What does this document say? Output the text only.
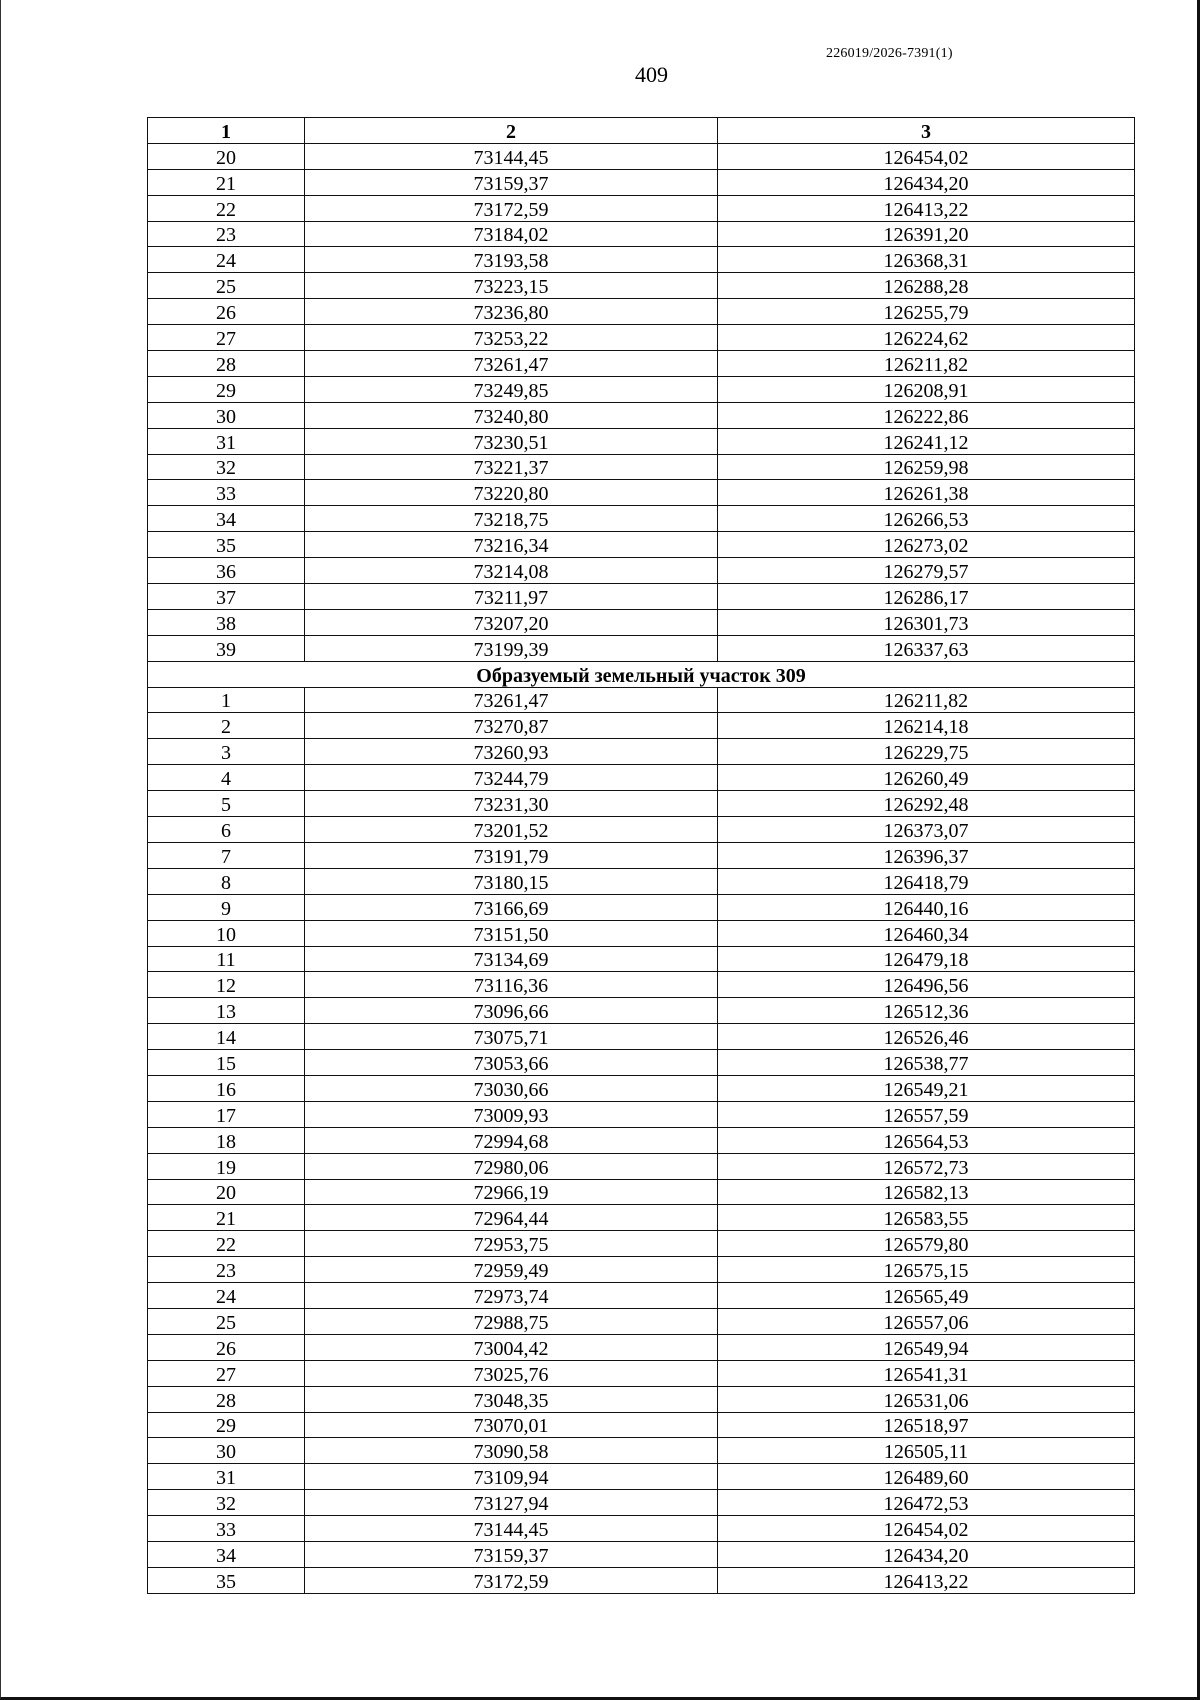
226019/2026-7391(1)
409
1	2	3
20	73144,45	126454,02
21	73159,37	126434,20
22	73172,59	126413,22
23	73184,02	126391,20
24	73193,58	126368,31
25	73223,15	126288,28
26	73236,80	126255,79
27	73253,22	126224,62
28	73261,47	126211,82
29	73249,85	126208,91
30	73240,80	126222,86
31	73230,51	126241,12
32	73221,37	126259,98
33	73220,80	126261,38
34	73218,75	126266,53
35	73216,34	126273,02
36	73214,08	126279,57
37	73211,97	126286,17
38	73207,20	126301,73
39	73199,39	126337,63
Образуемый земельный участок 309		
1	73261,47	126211,82
2	73270,87	126214,18
3	73260,93	126229,75
4	73244,79	126260,49
5	73231,30	126292,48
6	73201,52	126373,07
7	73191,79	126396,37
8	73180,15	126418,79
9	73166,69	126440,16
10	73151,50	126460,34
11	73134,69	126479,18
12	73116,36	126496,56
13	73096,66	126512,36
14	73075,71	126526,46
15	73053,66	126538,77
16	73030,66	126549,21
17	73009,93	126557,59
18	72994,68	126564,53
19	72980,06	126572,73
20	72966,19	126582,13
21	72964,44	126583,55
22	72953,75	126579,80
23	72959,49	126575,15
24	72973,74	126565,49
25	72988,75	126557,06
26	73004,42	126549,94
27	73025,76	126541,31
28	73048,35	126531,06
29	73070,01	126518,97
30	73090,58	126505,11
31	73109,94	126489,60
32	73127,94	126472,53
33	73144,45	126454,02
34	73159,37	126434,20
35	73172,59	126413,22
